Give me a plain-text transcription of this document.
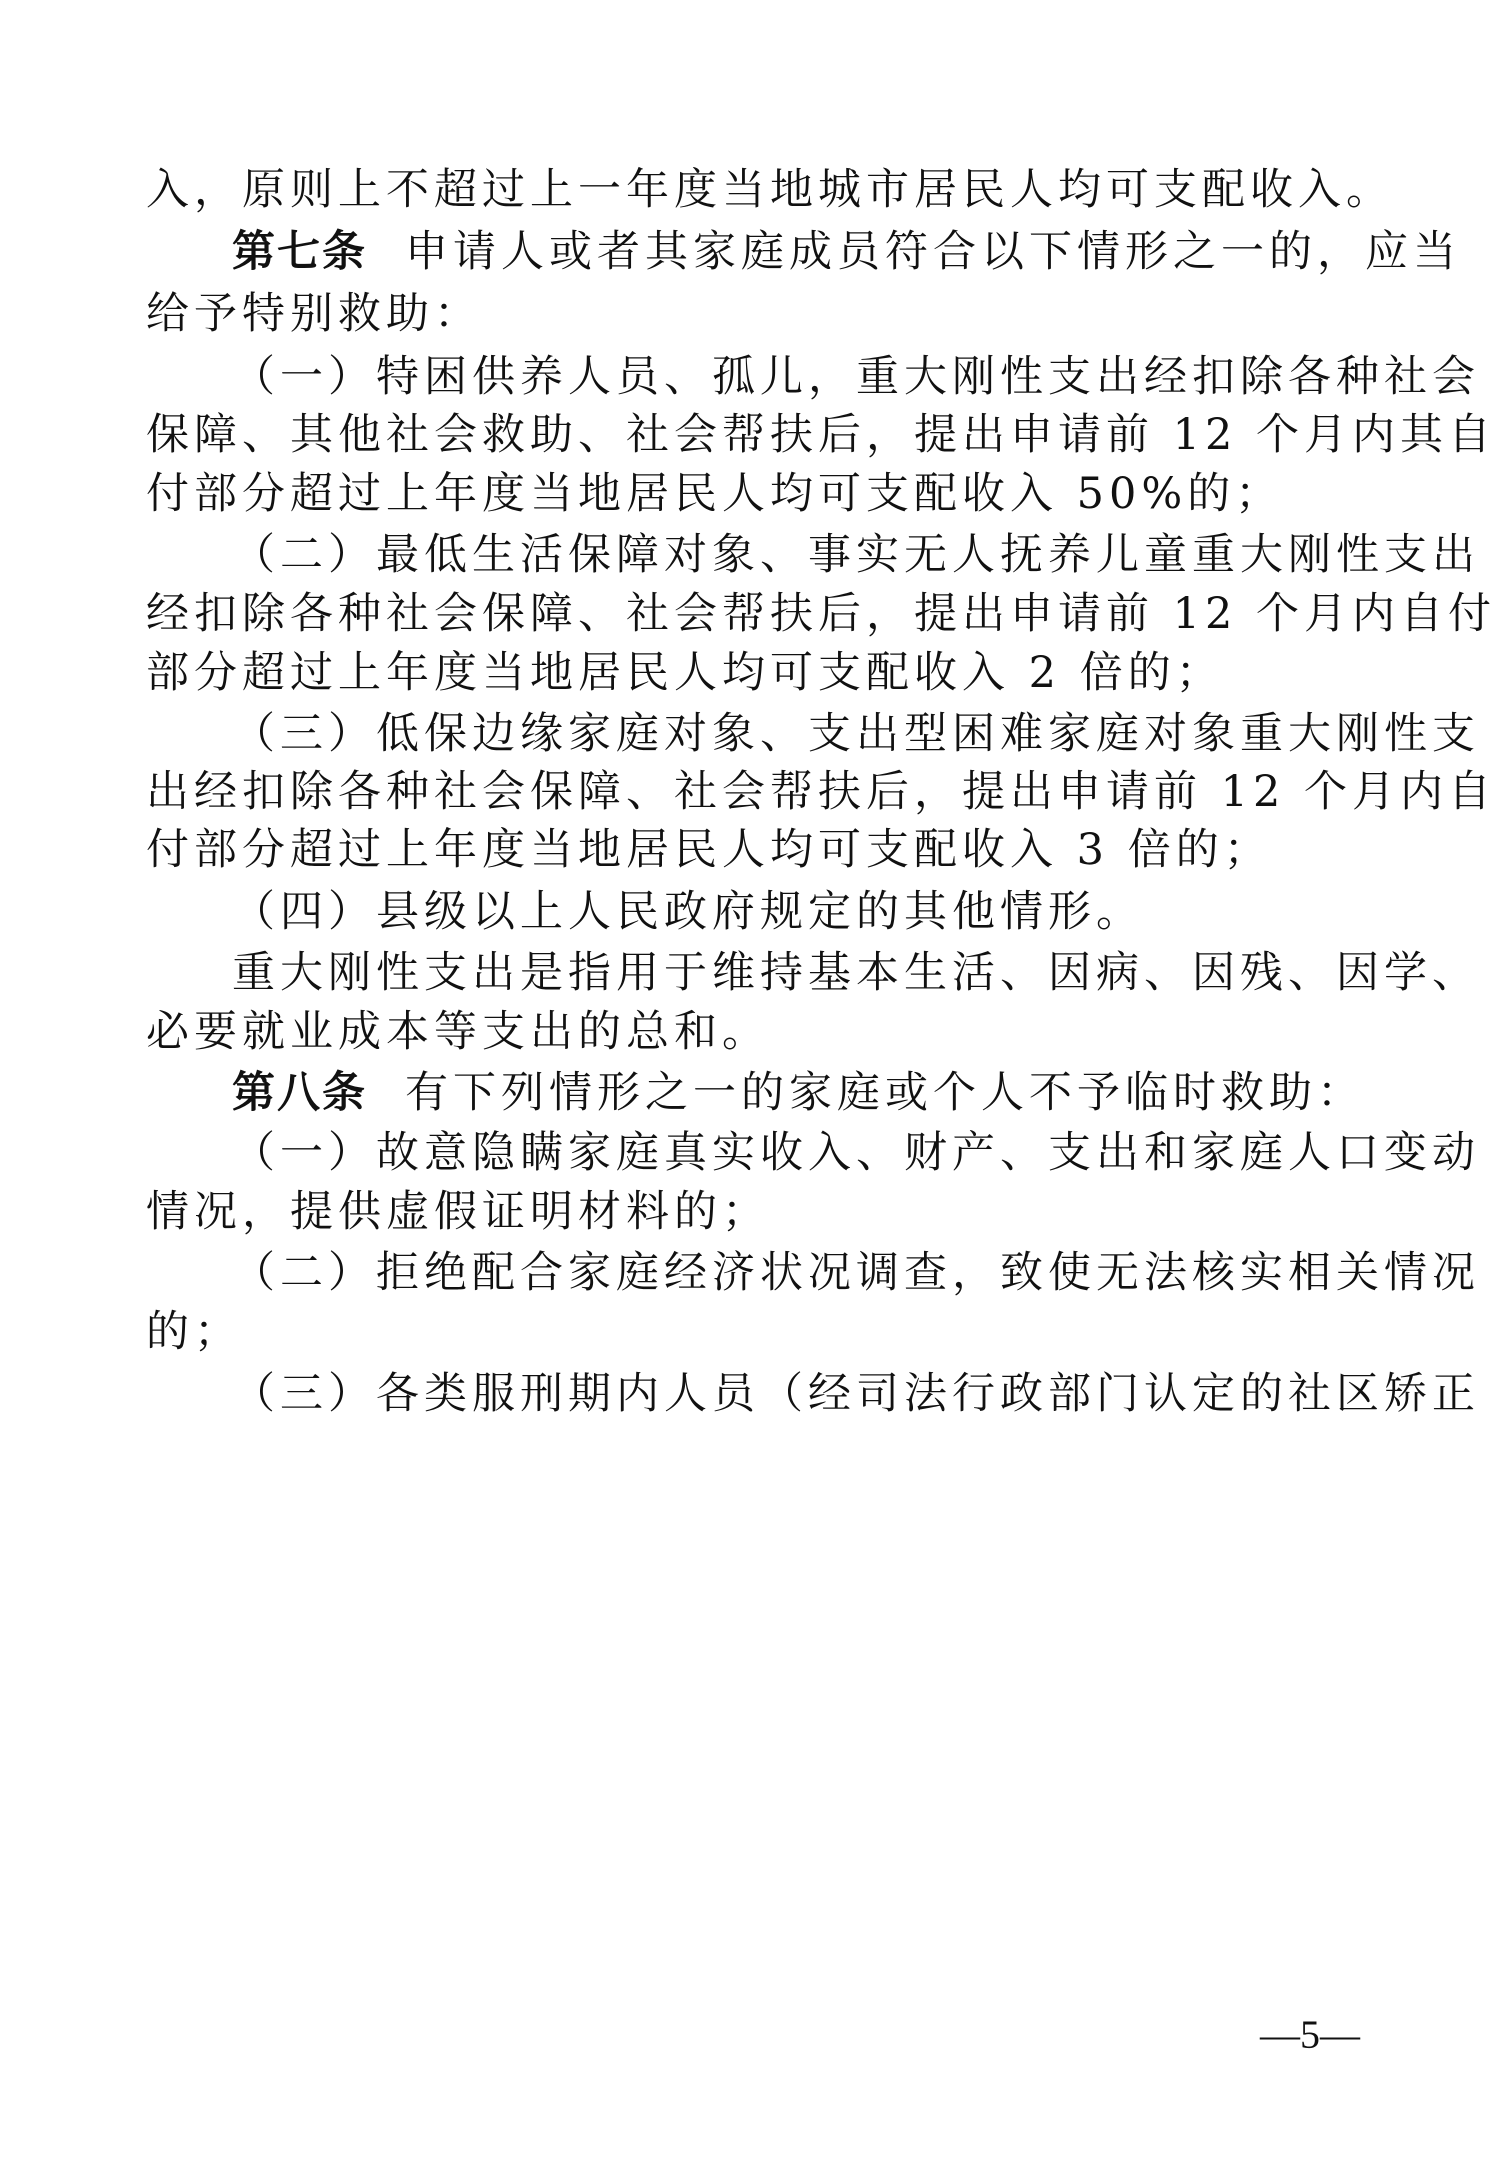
入，原则上不超过上一年度当地城市居民人均可支配收入。
第七条 申请人或者其家庭成员符合以下情形之一的，应当
给予特别救助：
（一）特困供养人员、孤儿，重大刚性支出经扣除各种社会
保障、其他社会救助、社会帮扶后，提出申请前 12 个月内其自
付部分超过上年度当地居民人均可支配收入 50%的；
（二）最低生活保障对象、事实无人抚养儿童重大刚性支出
经扣除各种社会保障、社会帮扶后，提出申请前 12 个月内自付
部分超过上年度当地居民人均可支配收入 2 倍的；
（三）低保边缘家庭对象、支出型困难家庭对象重大刚性支
出经扣除各种社会保障、社会帮扶后，提出申请前 12 个月内自
付部分超过上年度当地居民人均可支配收入 3 倍的；
（四）县级以上人民政府规定的其他情形。
重大刚性支出是指用于维持基本生活、因病、因残、因学、
必要就业成本等支出的总和。
第八条 有下列情形之一的家庭或个人不予临时救助：
（一）故意隐瞒家庭真实收入、财产、支出和家庭人口变动
情况，提供虚假证明材料的；
（二）拒绝配合家庭经济状况调查，致使无法核实相关情况
的；
（三）各类服刑期内人员（经司法行政部门认定的社区矫正
—5—
